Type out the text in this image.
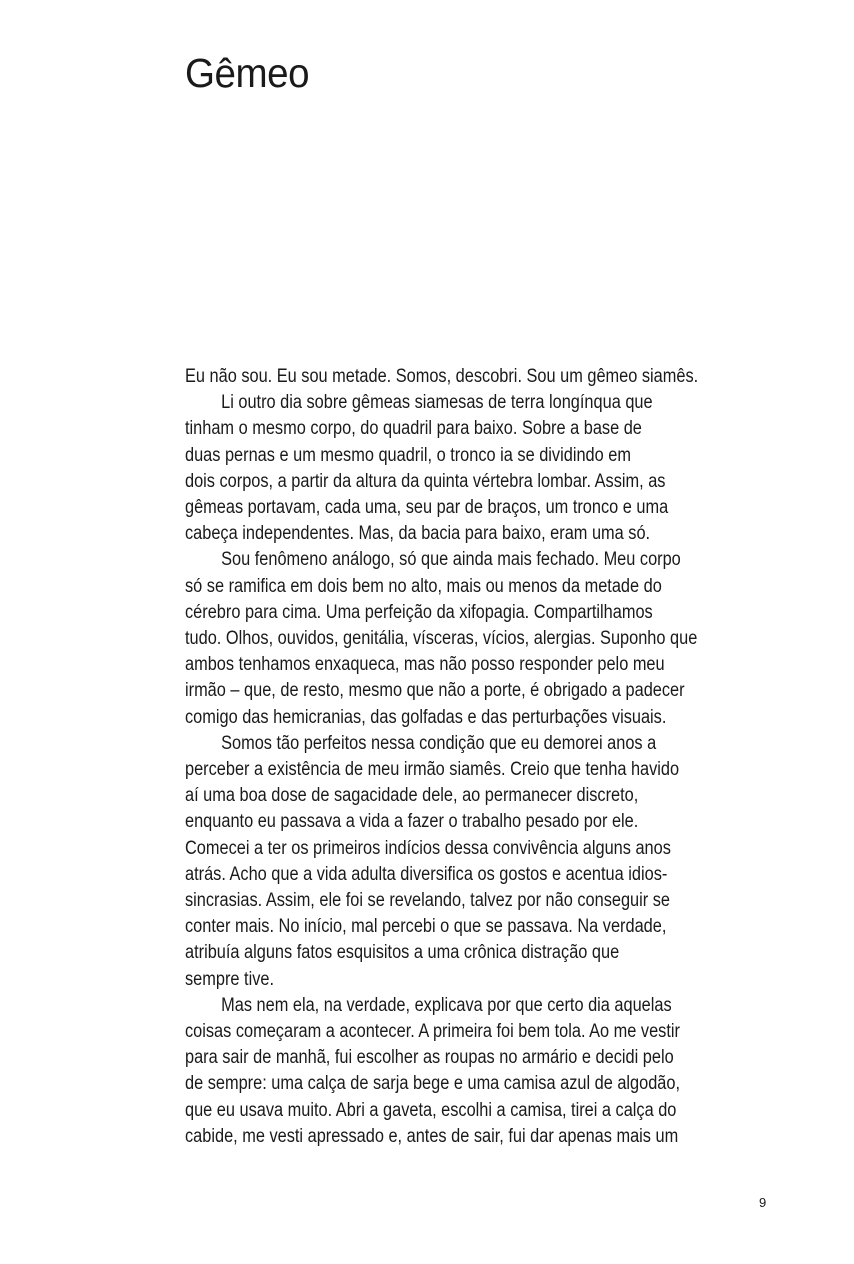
Gêmeo
Eu não sou. Eu sou metade. Somos, descobri. Sou um gêmeo siamês.
Li outro dia sobre gêmeas siamesas de terra longínqua que
tinham o mesmo corpo, do quadril para baixo. Sobre a base de
duas pernas e um mesmo quadril, o tronco ia se dividindo em
dois corpos, a partir da altura da quinta vértebra lombar. Assim, as
gêmeas portavam, cada uma, seu par de braços, um tronco e uma
cabeça independentes. Mas, da bacia para baixo, eram uma só.
Sou fenômeno análogo, só que ainda mais fechado. Meu corpo
só se ramifica em dois bem no alto, mais ou menos da metade do
cérebro para cima. Uma perfeição da xifopagia. Compartilhamos
tudo. Olhos, ouvidos, genitália, vísceras, vícios, alergias. Suponho que
ambos tenhamos enxaqueca, mas não posso responder pelo meu
irmão – que, de resto, mesmo que não a porte, é obrigado a padecer
comigo das hemicranias, das golfadas e das perturbações visuais.
Somos tão perfeitos nessa condição que eu demorei anos a
perceber a existência de meu irmão siamês. Creio que tenha havido
aí uma boa dose de sagacidade dele, ao permanecer discreto,
enquanto eu passava a vida a fazer o trabalho pesado por ele.
Comecei a ter os primeiros indícios dessa convivência alguns anos
atrás. Acho que a vida adulta diversifica os gostos e acentua idios-
sincrasias. Assim, ele foi se revelando, talvez por não conseguir se
conter mais. No início, mal percebi o que se passava. Na verdade,
atribuía alguns fatos esquisitos a uma crônica distração que
sempre tive.
Mas nem ela, na verdade, explicava por que certo dia aquelas
coisas começaram a acontecer. A primeira foi bem tola. Ao me vestir
para sair de manhã, fui escolher as roupas no armário e decidi pelo
de sempre: uma calça de sarja bege e uma camisa azul de algodão,
que eu usava muito. Abri a gaveta, escolhi a camisa, tirei a calça do
cabide, me vesti apressado e, antes de sair, fui dar apenas mais um
9
